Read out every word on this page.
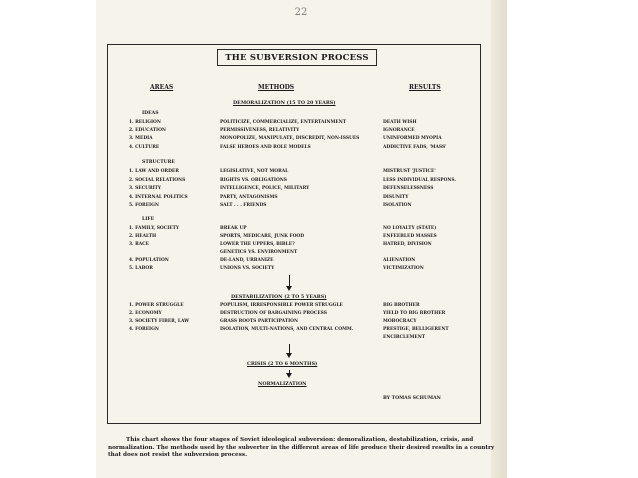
22
THE SUBVERSION PROCESS
AREAS	METHODS	RESULTS
DEMORALIZATION (15 TO 20 YEARS)
IDEAS
1. RELIGION	POLITICIZE, COMMERCIALIZE, ENTERTAINMENT	DEATH WISH
2. EDUCATION	PERMISSIVENESS, RELATIVITY	IGNORANCE
3. MEDIA	MONOPOLIZE, MANIPULATE, DISCREDIT, NON-ISSUES	UNINFORMED MYOPIA
4. CULTURE	FALSE HEROES AND ROLE MODELS	ADDICTIVE FADS, 'MASS'
STRUCTURE
1. LAW AND ORDER	LEGISLATIVE, NOT MORAL	MISTRUST 'JUSTICE'
2. SOCIAL RELATIONS	RIGHTS VS. OBLIGATIONS	LESS INDIVIDUAL RESPONS.
3. SECURITY	INTELLIGENCE, POLICE, MILITARY	DEFENSELESSNESS
4. INTERNAL POLITICS	PARTY, ANTAGONISMS	DISUNITY
5. FOREIGN	SALT . . . FRIENDS	ISOLATION
LIFE
1. FAMILY, SOCIETY	BREAK UP	NO LOYALTY (STATE)
2. HEALTH	SPORTS, MEDICARE, JUNK FOOD	ENFEEBLED MASSES
3. RACE	LOWER THE UPPERS, BIBLE?	HATRED, DIVISION
GENETICS VS. ENVIRONMENT
4. POPULATION	DE-LAND, URBANIZE	ALIENATION
5. LABOR	UNIONS VS. SOCIETY	VICTIMIZATION
DESTABILIZATION (2 TO 5 YEARS)
1. POWER STRUGGLE	POPULISM, IRRESPONSIBLE POWER STRUGGLE	BIG BROTHER
2. ECONOMY	DESTRUCTION OF BARGAINING PROCESS	YIELD TO BIG BROTHER
3. SOCIETY FIBER, LAW	GRASS ROOTS PARTICIPATION	MOBOCRACY
4. FOREIGN	ISOLATION, MULTI-NATIONS, AND CENTRAL COMM.	PRESTIGE, BELLIGERENT
ENCIRCLEMENT
CRISIS (2 TO 6 MONTHS)
NORMALIZATION
BY TOMAS SCHUMAN
This chart shows the four stages of Soviet ideological subversion: demoralization, destabilization, crisis, and normalization. The methods used by the subverter in the different areas of life produce their desired results in a country that does not resist the subversion process.
